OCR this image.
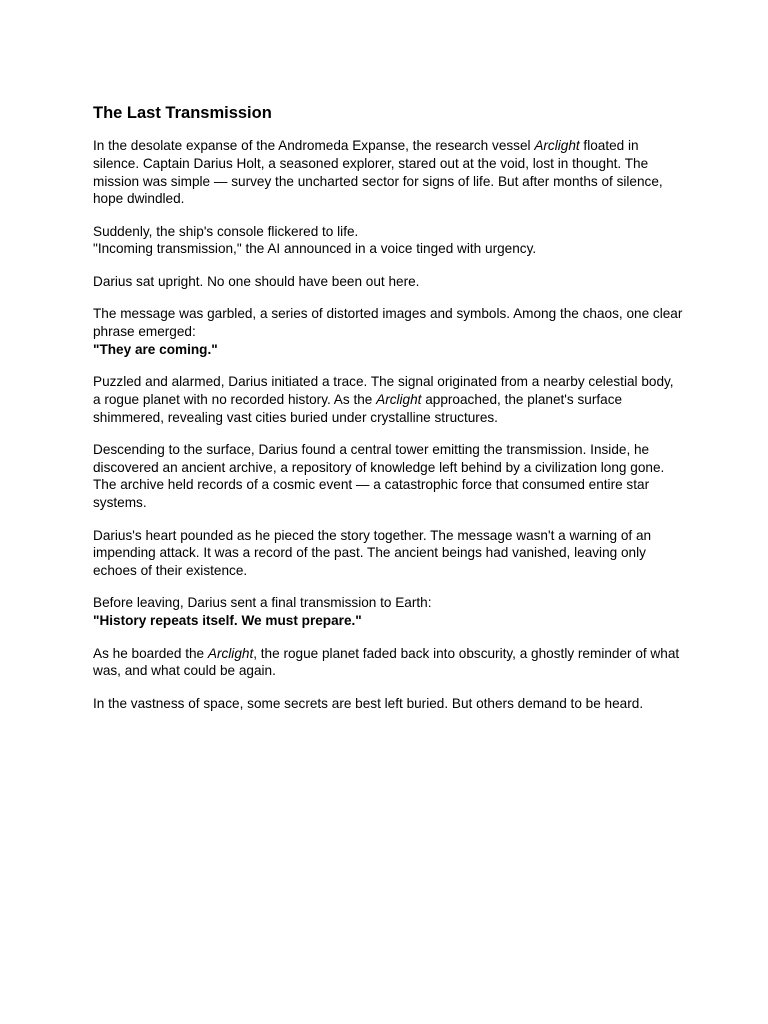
The Last Transmission

In the desolate expanse of the Andromeda Expanse, the research vessel Arclight floated in silence. Captain Darius Holt, a seasoned explorer, stared out at the void, lost in thought. The mission was simple — survey the uncharted sector for signs of life. But after months of silence, hope dwindled.

Suddenly, the ship's console flickered to life.
"Incoming transmission," the AI announced in a voice tinged with urgency.

Darius sat upright. No one should have been out here.

The message was garbled, a series of distorted images and symbols. Among the chaos, one clear phrase emerged:
"They are coming."

Puzzled and alarmed, Darius initiated a trace. The signal originated from a nearby celestial body, a rogue planet with no recorded history. As the Arclight approached, the planet's surface shimmered, revealing vast cities buried under crystalline structures.

Descending to the surface, Darius found a central tower emitting the transmission. Inside, he discovered an ancient archive, a repository of knowledge left behind by a civilization long gone. The archive held records of a cosmic event — a catastrophic force that consumed entire star systems.

Darius's heart pounded as he pieced the story together. The message wasn't a warning of an impending attack. It was a record of the past. The ancient beings had vanished, leaving only echoes of their existence.

Before leaving, Darius sent a final transmission to Earth:
"History repeats itself. We must prepare."

As he boarded the Arclight, the rogue planet faded back into obscurity, a ghostly reminder of what was, and what could be again.

In the vastness of space, some secrets are best left buried. But others demand to be heard.
